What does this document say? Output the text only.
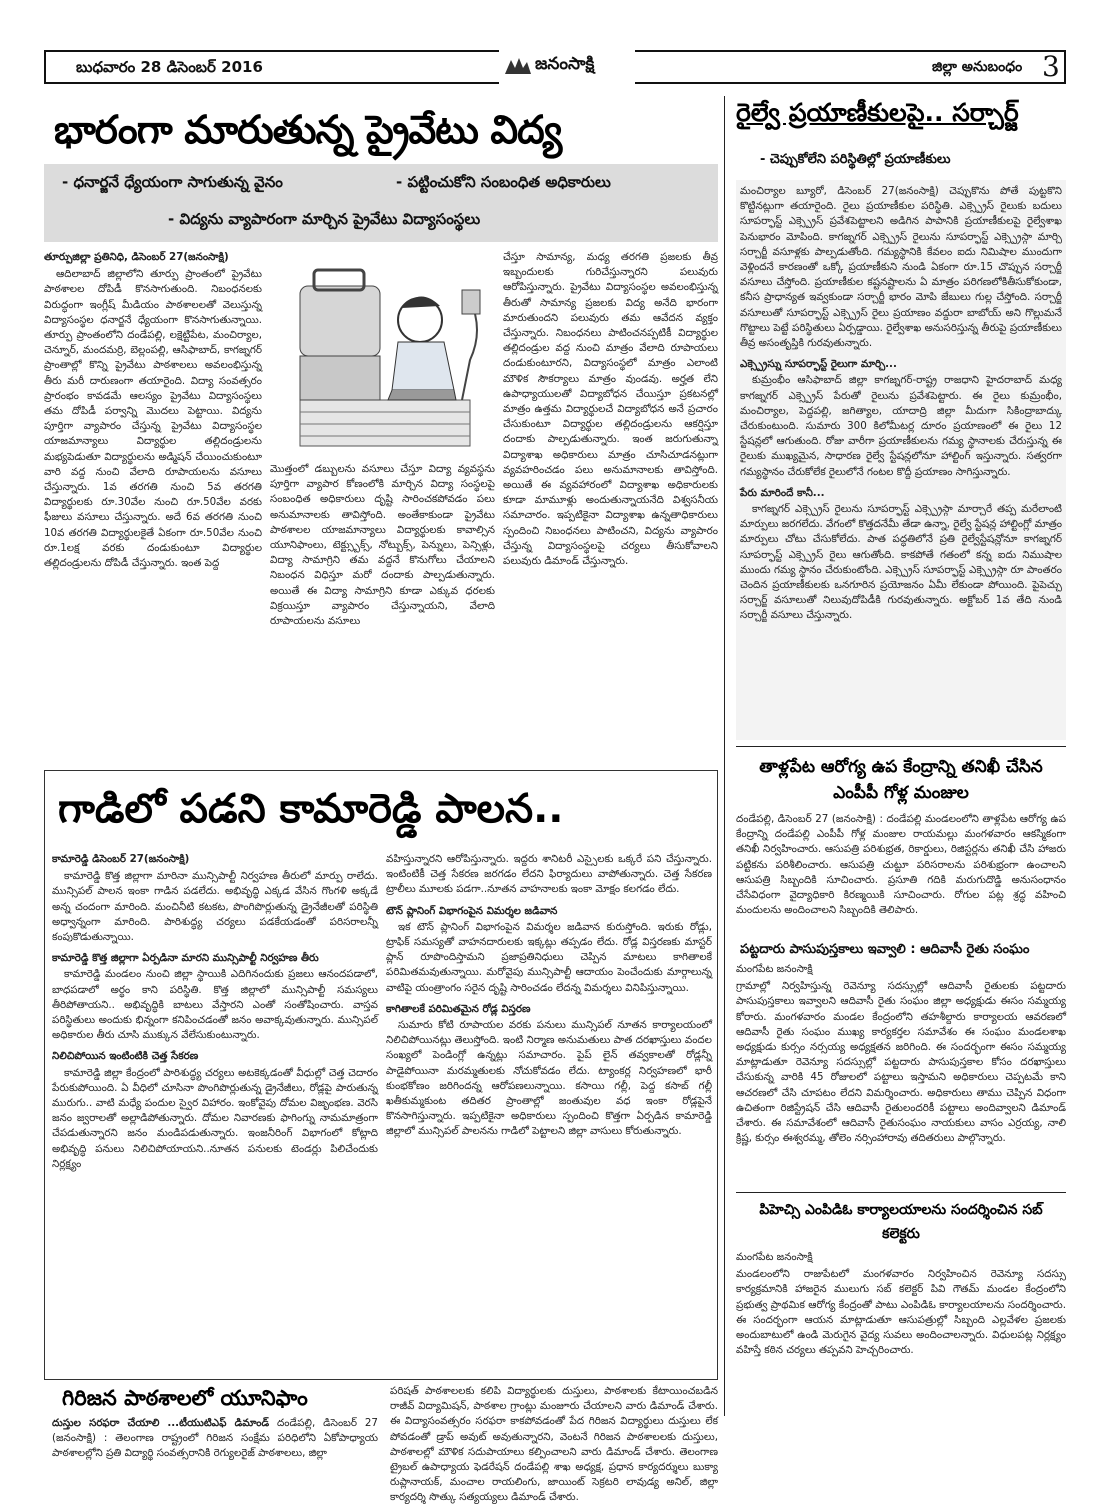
బుధవారం 28 డిసెంబర్ 2016	జనంసాక్షి	జిల్లా అనుబంధం 3
భారంగా మారుతున్న ప్రైవేటు విద్య
- ధనార్జనే ధ్యేయంగా సాగుతున్న వైనం	- పట్టించుకోని సంబంధిత అధికారులు
- విద్యను వ్యాపారంగా మార్చిన ప్రైవేటు విద్యాసంస్థలు

తూర్పుజిల్లా ప్రతినిధి, డిసెంబర్ 27(జనంసాక్షి)

ఆదిలాబాద్ జిల్లాలోని తూర్పు ప్రాంతంలో ప్రైవేటు పాఠశాలల దోపిడీ కొనసాగుతుంది. నిబంధనలకు విరుద్ధంగా ఇంగ్లీష్ మీడియం పాఠశాలలతో వెలుస్తున్న విద్యాసంస్థల ధనార్జనే ధ్యేయంగా కొనసాగుతున్నాయి. తూర్పు ప్రాంతంలోని దండేపల్లి, లక్షెట్టిపేట, మంచిర్యాల, చెన్నూర్, మందమర్రి, బెల్లంపల్లి, ఆసిఫాబాద్, కాగజ్నగర్ ప్రాంతాల్లో కొన్ని ప్రైవేటు పాఠశాలలు అవలంభిస్తున్న తీరు మరీ దారుణంగా తయారైంది. విద్యా సంవత్సరం ప్రారంభం కావడమే ఆలస్యం ప్రైవేటు విద్యాసంస్థలు తమ దోపిడీ పర్వాన్ని మొదలు పెట్టాయి. విద్యను పూర్తిగా వ్యాపారం చేస్తున్న ప్రైవేటు విద్యాసంస్థల యాజమాన్యాలు విద్యార్థుల తల్లిదండ్రులను మభ్యపెడుతూ విద్యార్థులను అడ్మిషన్ చేయించుకుంటూ వారి వద్ద నుంచి వేలాది రూపాయలను వసూలు చేస్తున్నారు. 1వ తరగతి నుంచి 5వ తరగతి విద్యార్థులకు రూ.30వేల నుంచి రూ.50వేల వరకు ఫీజులు వసూలు చేస్తున్నారు. అదే 6వ తరగతి నుంచి 10వ తరగతి విద్యార్థులకైతే ఏకంగా రూ.50వేల నుంచి రూ.1లక్ష వరకు దండుకుంటూ విద్యార్థుల తల్లిదండ్రులను దోపిడీ చేస్తున్నారు. ఇంత పెద్ద

మొత్తంలో డబ్బులను వసూలు చేస్తూ విద్యా వ్యవస్థను పూర్తిగా వ్యాపార కోణంలోకి మార్చిన విద్యా సంస్థలపై సంబంధిత అధికారులు దృష్టి సారించకపోవడం పలు అనుమానాలకు తావిస్తోంది. అంతేకాకుండా ప్రైవేటు పాఠశాలల యాజమాన్యాలు విద్యార్థులకు కావాల్సిన యూనిఫాంలు, టెక్ట్స్బుక్స్, నోట్బుక్స్, పెన్నులు, పెన్సిళ్లు, విద్యా సామాగ్రిని తమ వద్దనే కొనుగోలు చేయాలని నిబంధన విధిస్తూ మరో దందాకు పాల్పడుతున్నారు. అయితే ఈ విద్యా సామాగ్రిని కూడా ఎక్కువ ధరలకు విక్రయిస్తూ వ్యాపారం చేస్తున్నాయని, వేలాది రూపాయలను వసూలు

చేస్తూ సామాన్య, మధ్య తరగతి ప్రజలకు తీవ్ర ఇబ్బందులకు గురిచేస్తున్నారని పలువురు ఆరోపిస్తున్నారు. ప్రైవేటు విద్యాసంస్థల అవలంభిస్తున్న తీరుతో సామాన్య ప్రజలకు విద్య అనేది భారంగా మారుతుందని పలువురు తమ ఆవేదన వ్యక్తం చేస్తున్నారు. నిబంధనలు పాటించనప్పటికీ విద్యార్థుల తల్లిదండ్రుల వద్ద నుంచి మాత్రం వేలాది రూపాయలు దండుకుంటూరని, విద్యాసంస్థలో మాత్రం ఎలాంటి మౌళిక సౌకర్యాలు మాత్రం వుండవు. అర్హత లేని ఉపాధ్యాయులతో విద్యాబోధన చేయిస్తూ ప్రకటనల్లో మాత్రం ఉత్తమ విద్యార్థులచే విద్యాబోధన అనే ప్రచారం చేసుకుంటూ విద్యార్థుల తల్లిదండ్రులను ఆకర్షిస్తూ దందాకు పాల్పడుతున్నారు. ఇంత జరుగుతున్నా విద్యాశాఖ అధికారులు మాత్రం చూసిచూడనట్లుగా వ్యవహరించడం పలు అనుమానాలకు తావిస్తోంది. అయితే ఈ వ్యవహారంలో విద్యాశాఖ అధికారులకు కూడా మామూళ్లు అందుతున్నాయనేది విశ్వసనీయ సమాచారం. ఇప్పటికైనా విద్యాశాఖ ఉన్నతాధికారులు స్పందించి నిబంధనలు పాటించని, విద్యను వ్యాపారం చేస్తున్న విద్యాసంస్థలపై చర్యలు తీసుకోవాలని పలువురు డిమాండ్ చేస్తున్నారు.

రైల్వే ప్రయాణీకులపై.. సర్చార్జ్
- చెప్పుకోలేని పరిస్థితిల్లో ప్రయాణీకులు

మంచిర్యాల బ్యూరో, డిసెంబర్ 27(జనంసాక్షి) చెప్పుకొను పోతే పుట్టకొని కొట్టినట్లుగా తయారైంది. రైలు ప్రయాణీకుల పరిస్థితి. ఎక్స్ప్రెస్ రైలుకు బదులు సూపర్ఫాస్ట్ ఎక్స్ప్రెస్ ప్రవేశపెట్టాలని అడిగిన పాపానికి ప్రయాణీకులపై రైల్వేశాఖ పెనుభారం మోపింది. కాగజ్నగర్ ఎక్స్ప్రెస్ రైలును సూపర్ఫాస్ట్ ఎక్స్ప్రెస్గా మార్చి సర్చార్జీ వసూళ్లకు పాల్పడుతోంది. గమ్యస్థానికి కేవలం ఐదు నిమిషాల ముందుగా వెళ్లిందనే కారణంతో ఒక్కో ప్రయాణీకుని నుండి ఏకంగా రూ.15 చొప్పున సర్చార్జీ వసూలు చేస్తోంది. ప్రయాణీకుల కష్టనష్టాలను ఏ మాత్రం పరిగణలోకితీసుకోకుండా, కనీస ప్రాధాన్యత ఇవ్వకుండా సర్చార్జీ భారం మోపి జేబులు గుల్ల చేస్తోంది. సర్చార్జీ వసూలుతో సూపర్ఫాస్ట్ ఎక్స్ప్రెస్ రైలు ప్రయాణం వద్దురా బాబోయ్ అని గొల్లుమనే గొట్టాలు పెట్టే పరిస్థితులు ఏర్పడ్డాయి. రైల్వేశాఖ అనుసరిస్తున్న తీరుపై ప్రయాణీకులు తీవ్ర అసంతృప్తికి గురవుతున్నారు.

ఎక్స్ప్రెస్ను సూపర్ఫాస్ట్ రైలుగా మార్చి...

కుమ్రంభీం ఆసిఫాబాద్ జిల్లా కాగజ్నగర్-రాష్ట్ర రాజధాని హైదరాబాద్ మధ్య కాగజ్నగర్ ఎక్స్ప్రెస్ పేరుతో రైలును ప్రవేశపెట్టారు. ఈ రైలు కుమ్రంభీం, మంచిర్యాల, పెద్దపల్లి, జగిత్యాల, యాదాద్రి జిల్లా మీదుగా సికింద్రాబాద్కు చేరుకుంటుంది. సుమారు 300 కిలోమీటర్ల దూరం ప్రయాణంలో ఈ రైలు 12 స్టేషన్లలో ఆగుతుంది. రోజు వారీగా ప్రయాణీకులను గమ్య స్థానాలకు చేరుస్తున్న ఈ రైలుకు ముఖ్యమైన, సాధారణ రైల్వే స్టేషన్లలోనూ హాల్టింగ్ ఇస్తున్నారు. సత్వరగా గమ్యస్థానం చేరుకోలేక రైలులోనే గంటల కొద్దీ ప్రయాణం సాగిస్తున్నారు.

పేరు మారిందే కానీ...

కాగజ్నగర్ ఎక్స్ప్రెస్ రైలును సూపర్ఫాస్ట్ ఎక్స్ప్రెస్గా మార్చారే తప్ప మరేలాంటి మార్పులు జరగలేదు. వేగంలో కొత్తదనేమీ తేడా ఉన్నా, రైల్వే స్టేషన్ల హాల్టింగ్లో మాత్రం మార్పులు చోటు చేసుకోలేదు. పాత పద్ధతిలోనే ప్రతి రైల్వేస్టేషన్లోనూ కాగజ్నగర్ సూపర్ఫాస్ట్ ఎక్స్ప్రెస్ రైలు ఆగుతోంది. కాకపోతే గతంలో కన్న ఐదు నిముషాల ముందు గమ్య స్థానం చేరుకుంటోంది. ఎక్స్ప్రెస్ సూపర్ఫాస్ట్ ఎక్స్ప్రెస్గా రూ పాంతరం చెందిన ప్రయాణీకులకు ఒనగూరిన ప్రయోజనం ఏమీ లేకుండా పోయింది. పైపెచ్చు సర్చార్జ్ వసూలుతో నిలువుదోపిడీకి గురవుతున్నారు. అక్టోబర్ 1వ తేది నుండి సర్చార్జీ వసూలు చేస్తున్నారు.

గాడిలో పడని కామారెడ్డి పాలన..

కామారెడ్డి డిసెంబర్ 27(జనంసాక్షి)

కామారెడ్డి కొత్త జిల్లాగా మారినా మున్సిపాల్టీ నిర్వహణ తీరులో మార్పు రాలేదు. మున్సిపల్ పాలన ఇంకా గాడిన పడలేదు. అభివృద్ధి ఎక్కడ వేసిన గొంగళి అక్కడే అన్న చందంగా మారింది. మంచినీటి కటకట, పొంగిపొర్లుతున్న డ్రైనేజీలతో పరిస్థితి అధ్వాన్నంగా మారింది. పారిశుద్ధ్య చర్యలు పడకేయడంతో పరిసరాలన్నీ కంపుకొడుతున్నాయి.

కామారెడ్డి కొత్త జిల్లాగా ఏర్పడినా మారని మున్సిపాల్టీ నిర్వహణ తీరు

కామారెడ్డి మండలం నుంచి జిల్లా స్థాయికి ఎదిగినందుకు ప్రజలు ఆనందపడాలో, బాధపడాలో అర్థం కాని పరిస్థితి. కొత్త జిల్లాలో మున్సిపాల్టీ సమస్యలు తీరిపోతాయని.. అభివృద్ధికి బాటలు వేస్తారని ఎంతో సంతోషించారు. వాస్తవ పరిస్థితులు అందుకు భిన్నంగా కనిపించడంతో జనం అవాక్కవుతున్నారు. మున్సిపల్ అధికారుల తీరు చూసి ముక్కున వేలేసుకుంటున్నారు.

నిలిచిపోయిన ఇంటింటికి చెత్త సేకరణ

కామారెడ్డి జిల్లా కేంద్రంలో పారిశుద్ధ్య చర్యలు అటకెక్కడంతో వీధుల్లో చెత్త చెదారం పేరుకుపోయింది. ఏ వీధిలో చూసినా పొంగిపొర్లుతున్న డ్రైనేజీలు, రోడ్లపై పారుతున్న మురుగు.. వాటి మధ్యే పందుల స్వైర విహారం. ఇంకోవైపు దోమల విజృంభణ. వెరసి జనం జ్వరాలతో అల్లాడిపోతున్నారు. దోమల నివారణకు ఫాగింగ్ను నామమాత్రంగా చేపడుతున్నారని జనం మండిపడుతున్నారు. ఇంజనీరింగ్ విభాగంలో కోట్లాది అభివృద్ధి పనులు నిలిచిపోయాయని..నూతన పనులకు టెండర్లు పిలిచేందుకు నిర్లక్ష్యం

వహిస్తున్నారని ఆరోపిస్తున్నారు. ఇద్దరు శానిటరీ ఎస్సైలకు ఒక్కరే పని చేస్తున్నారు. ఇంటింటికీ చెత్త సేకరణ జరగడం లేదని ఫిర్యాదులు వాపోతున్నారు. చెత్త సేకరణ ట్రాలీలు మూలకు పడగా..నూతన వాహనాలకు ఇంకా మోక్షం కలగడం లేదు.

టౌన్ ప్లానింగ్ విభాగంపైన విమర్శల జడివాన

ఇక టౌన్ ప్లానింగ్ విభాగంపైన విమర్శల జడివాన కురుస్తోంది. ఇరుకు రోడ్లు, ట్రాఫిక్ సమస్యతో వాహనదారులకు ఇక్కట్లు తప్పడం లేదు. రోడ్ల విస్తరణకు మాస్టర్ ప్లాన్ రూపొందిస్తామని ప్రజాప్రతినిధులు చెప్పిన మాటలు కాగితాలకే పరిమితమవుతున్నాయి. మరోవైపు మున్సిపాల్టీ ఆదాయం పెంచేందుకు మార్గాలున్న వాటిపై యంత్రాంగం సరైన దృష్టి సారించడం లేదన్న విమర్శలు వినిపిస్తున్నాయి.

కాగితాలకే పరిమితమైన రోడ్ల విస్తరణ

సుమారు కోటి రూపాయల వరకు పనులు మున్సిపల్ నూతన కార్యాలయంలో నిలిచిపోయినట్లు తెలుస్తోంది. ఇంటి నిర్మాణ అనుమతులు పాత దరఖాస్తులు వందల సంఖ్యలో పెండింగ్లో ఉన్నట్లు సమాచారం. పైప్ లైన్ తవ్వకాలతో రోడ్లన్నీ పాడైపోయినా మరమ్మతులకు నోచుకోవడం లేదు. ట్యాంకర్ల నిర్వహణలో భారీ కుంభకోణం జరిగిందన్న ఆరోపణలున్నాయి. కసాయి గల్లీ, పెద్ద కసాబ్ గల్లీ ఖతీకుమ్మకుంట తదితర ప్రాంతాల్లో జంతువుల వధ ఇంకా రోడ్లపైనే కొనసాగిస్తున్నారు. ఇప్పటికైనా అధికారులు స్పందించి కొత్తగా ఏర్పడిన కామారెడ్డి జిల్లాలో మున్సిపల్ పాలనను గాడిలో పెట్టాలని జిల్లా వాసులు కోరుతున్నారు.

తాళ్లపేట ఆరోగ్య ఉప కేంద్రాన్ని తనిఖీ చేసిన ఎంపీపీ గోళ్ల మంజుల

దండేపల్లి, డిసెంబర్ 27 (జనంసాక్షి) : దండేపల్లి మండలంలోని తాళ్లపేట ఆరోగ్య ఉప కేంద్రాన్ని దండేపల్లి ఎంపీపీ గోళ్ల మంజుల రాయమల్లు మంగళవారం ఆకస్మికంగా తనిఖీ నిర్వహించారు. ఆసుపత్రి పరిశుభ్రత, రికార్డులు, రిజిస్టర్లను తనిఖీ చేసి హాజరు పట్టికను పరిశీలించారు. ఆసుపత్రి చుట్టూ పరిసరాలను పరిశుభ్రంగా ఉంచాలని ఆసుపత్రి సిబ్బందికి సూచించారు. ప్రసూతి గదికి మరుగుదొడ్డి అనుసంధానం చేసేవిధంగా వైద్యాధికారి కిరణ్మయికి సూచించారు. రోగుల పట్ల శ్రద్ధ వహించి మందులను అందించాలని సిబ్బందికి తెలిపారు.

పట్టదారు పాసుపుస్తకాలు ఇవ్వాలి : ఆదివాసీ రైతు సంఘం

మంగపేట జనంసాక్షి

గ్రామాల్లో నిర్వహిస్తున్న రెవెన్యూ సదస్సుల్లో ఆదివాసీ రైతులకు పట్టదారు పాసుపుస్తకాలు ఇవ్వాలని ఆదివాసీ రైతు సంఘం జిల్లా అధ్యక్షుడు ఈసం సమ్మయ్య కోరారు. మంగళవారం మండల కేంద్రంలోని తహశీల్దారు కార్యాలయ ఆవరణలో ఆదివాసీ రైతు సంఘం ముఖ్య కార్యకర్తల సమావేశం ఈ సంఘం మండలశాఖ అధ్యక్షుడు కుర్సం నర్సయ్య అధ్యక్షతన జరిగింది. ఈ సందర్భంగా ఈసం సమ్మయ్య మాట్లాడుతూ రెవెన్యూ సదస్సుల్లో పట్టదారు పాసుపుస్తకాల కోసం దరఖాస్తులు చేసుకున్న వారికి 45 రోజులలో పట్టాలు ఇస్తామని అధికారులు చెప్పటమే కాని ఆచరణలో చేసి చూపటం లేదని విమర్శించారు. అధికారులు తాము చెప్పిన విధంగా ఉచితంగా రిజిస్ట్రేషన్ చేసి ఆదివాసీ రైతులందరికీ పట్టాలు అందివ్వాలని డిమాండ్ చేశారు. ఈ సమావేశంలో ఆదివాసీ రైతుసంఘం నాయకులు వాసం ఎర్రయ్య, నాలి క్రిష్ణ, కుర్సం ఈశ్వరమ్మ, తోలెం నర్సింహారావు తదితరులు పాల్గొన్నారు.

పిహెచ్సి ఎంపిడిఓ కార్యాలయాలను సందర్శించిన సబ్ కలెక్టరు

మంగపేట జనంసాక్షి

మండలంలోని రాజుపేటలో మంగళవారం నిర్వహించిన రెవెన్యూ సదస్సు కార్యక్రమానికి హాజరైన ములుగు సబ్ కలెక్టర్ పివి గౌతమ్ మండల కేంద్రంలోని ప్రభుత్వ ప్రాథమిక ఆరోగ్య కేంద్రంతో పాటు ఎంపిడిఓ కార్యాలయాలను సందర్శించారు. ఈ సందర్భంగా ఆయన మాట్లాడుతూ ఆసుపత్రుల్లో సిబ్బంది ఎల్లవేళల ప్రజలకు అందుబాటులో ఉండి మెరుగైన వైద్య సువలు అందించాలన్నారు. విధులపట్ల నిర్లక్ష్యం వహిస్తే కఠిన చర్యలు తప్పవని హెచ్చరించారు.

గిరిజన పాఠశాలలో యూనిఫాం	పరిషత్ పాఠశాలలకు కలిపి విద్యార్థులకు దుస్తులు, పాఠశాలకు కేటాయించబడిన రాజీవ్ విద్యామిషన్, పాఠశాల గ్రాంట్లు మంజూరు చేయాలని వారు డిమాండ్ చేశారు. ఈ విద్యాసంవత్సరం సరఫరా కాకపోవడంతో పేద గిరిజన విద్యార్థులు దుస్తులు లేక పోవడంతో డ్రాప్ అవుట్ అవుతున్నారని, వెంటనే గిరిజన పాఠశాలలకు దుస్తులు, పాఠశాలల్లో మౌళిక సదుపాయాలు కల్పించాలని వారు డిమాండ్ చేశారు. తెలంగాణ ట్రైబల్ ఉపాధ్యాయ ఫెడరేషన్ దండేపల్లి శాఖ అధ్యక్ష, ప్రధాన కార్యదర్శులు బుక్యా రుప్లానాయక్, మంచాల రాయలింగు, జాయింట్ సెక్రటరి లావుడ్య అనిల్, జిల్లా కార్యదర్శి సొత్కు సత్యయ్యలు డిమాండ్ చేశారు.

దుస్తుల సరఫరా చేయాలి ...టీయుటిఎఫ్ డిమాండ్ దండేపల్లి, డిసెంబర్ 27 (జనంసాక్షి) : తెలంగాణ రాష్ట్రంలో గిరిజన సంక్షేమ పరిధిలోని ఏకోపాధ్యాయ పాఠశాలల్లోని ప్రతి విద్యార్థి సంవత్సరానికి రెగ్యులరైజ్ పాఠశాలలు, జిల్లా
